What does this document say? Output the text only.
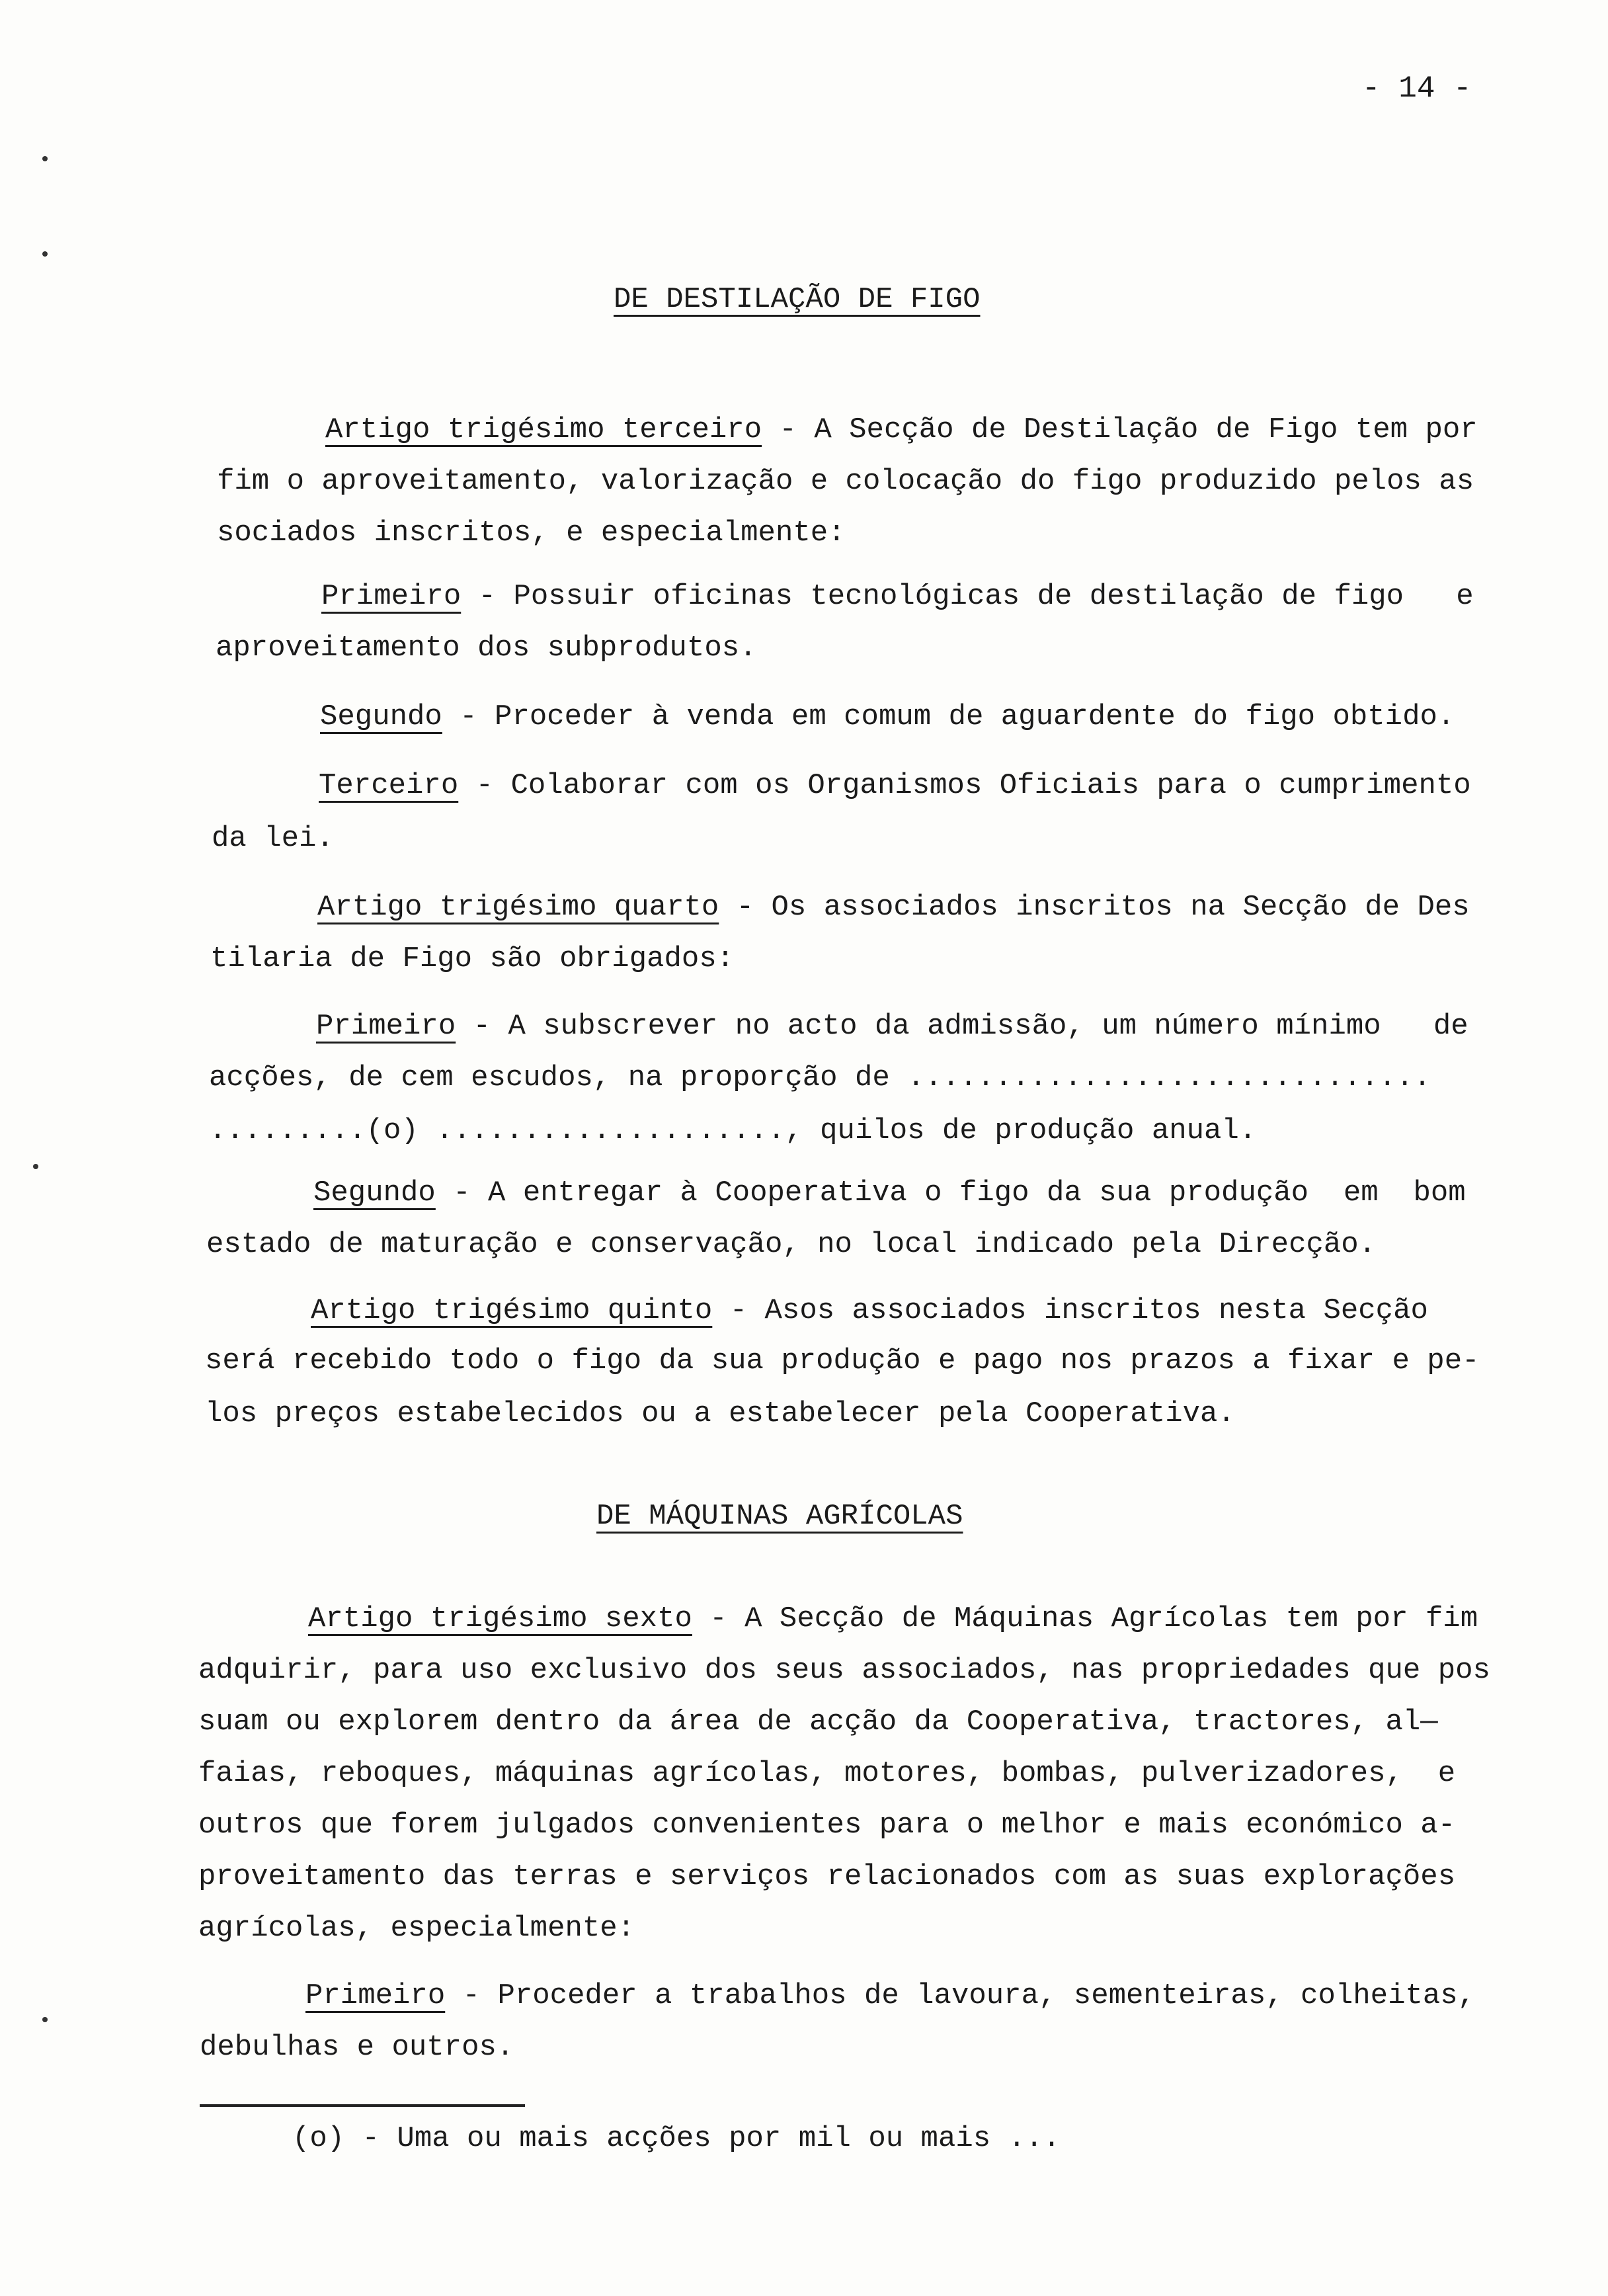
- 14 -
DE DESTILAÇÃO DE FIGO
Artigo trigésimo terceiro - A Secção de Destilação de Figo tem por
fim o aproveitamento, valorização e colocação do figo produzido pelos as
sociados inscritos, e especialmente:
Primeiro - Possuir oficinas tecnológicas de destilação de figo   e
aproveitamento dos subprodutos.
Segundo - Proceder à venda em comum de aguardente do figo obtido.
Terceiro - Colaborar com os Organismos Oficiais para o cumprimento
da lei.
Artigo trigésimo quarto - Os associados inscritos na Secção de Des
tilaria de Figo são obrigados:
Primeiro - A subscrever no acto da admissão, um número mínimo   de
acções, de cem escudos, na proporção de ..............................
.........(o) ...................., quilos de produção anual.
Segundo - A entregar à Cooperativa o figo da sua produção  em  bom
estado de maturação e conservação, no local indicado pela Direcção.
Artigo trigésimo quinto - Asos associados inscritos nesta Secção
será recebido todo o figo da sua produção e pago nos prazos a fixar e pe-
los preços estabelecidos ou a estabelecer pela Cooperativa.
DE MÁQUINAS AGRÍCOLAS
Artigo trigésimo sexto - A Secção de Máquinas Agrícolas tem por fim
adquirir, para uso exclusivo dos seus associados, nas propriedades que pos
suam ou explorem dentro da área de acção da Cooperativa, tractores, al—
faias, reboques, máquinas agrícolas, motores, bombas, pulverizadores,  e
outros que forem julgados convenientes para o melhor e mais económico a-
proveitamento das terras e serviços relacionados com as suas explorações
agrícolas, especialmente:
Primeiro - Proceder a trabalhos de lavoura, sementeiras, colheitas,
debulhas e outros.
(o) - Uma ou mais acções por mil ou mais ...
